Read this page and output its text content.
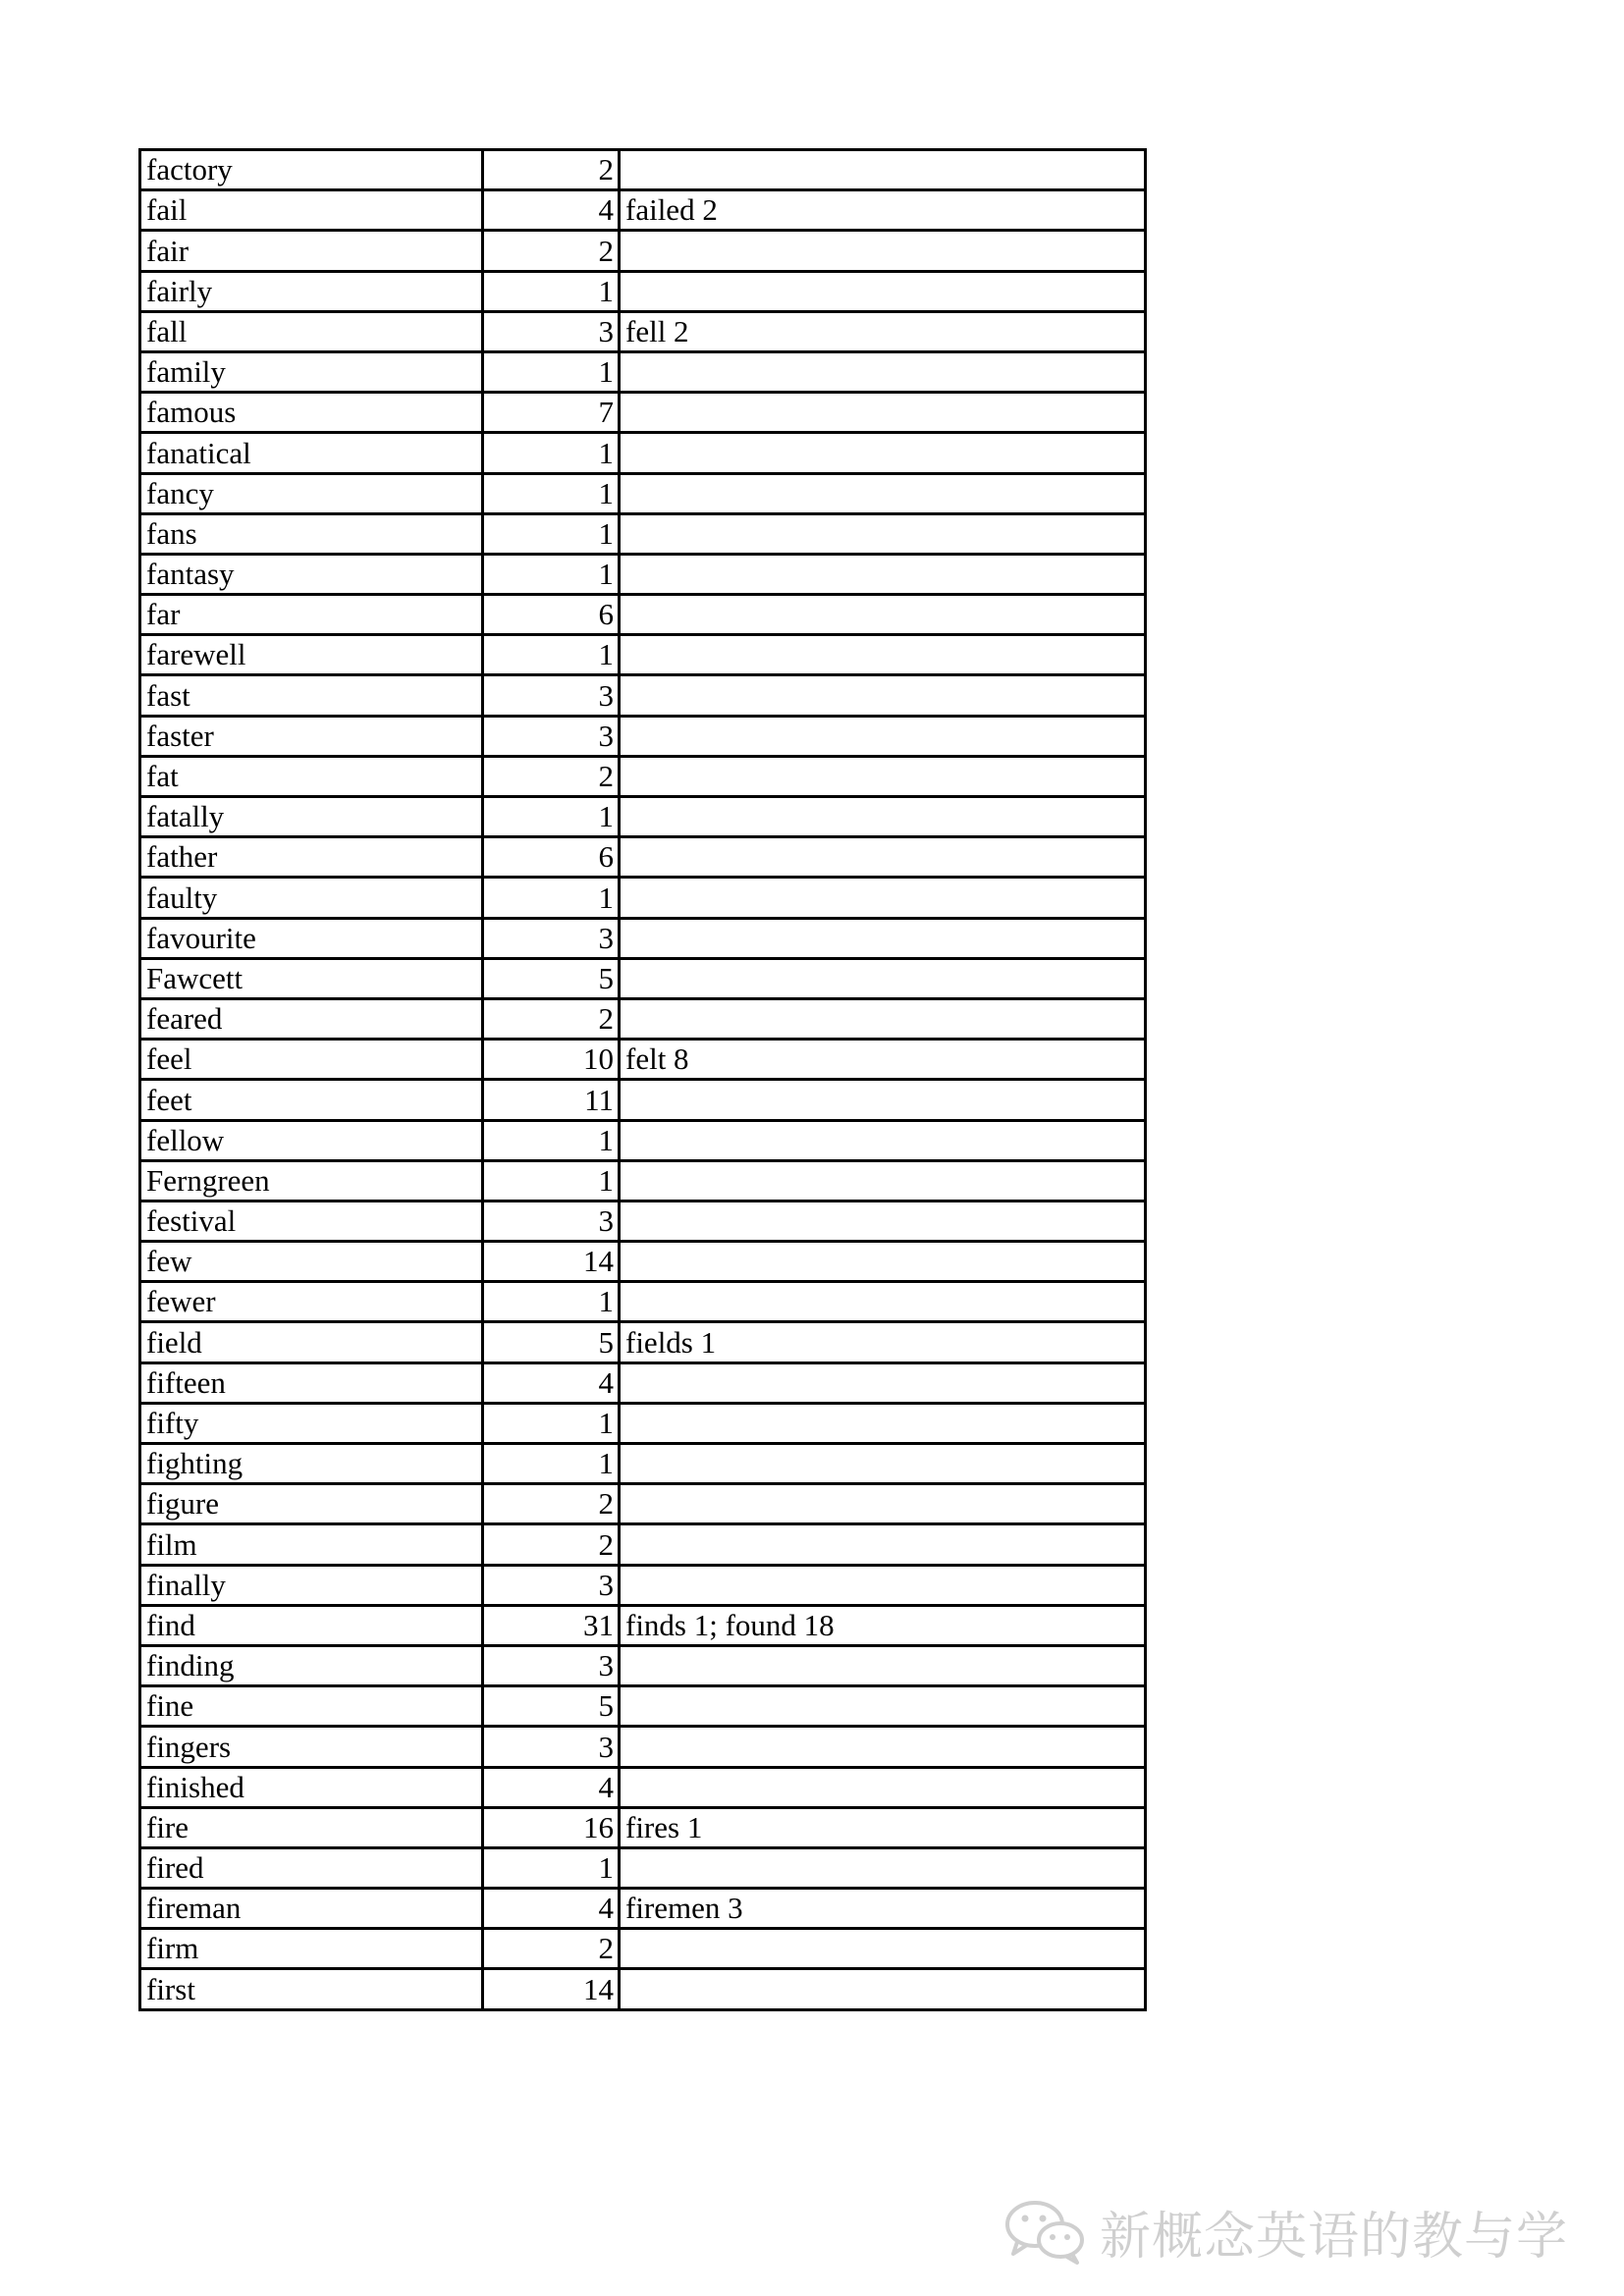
factory	2	
fail	4	failed 2
fair	2	
fairly	1	
fall	3	fell 2
family	1	
famous	7	
fanatical	1	
fancy	1	
fans	1	
fantasy	1	
far	6	
farewell	1	
fast	3	
faster	3	
fat	2	
fatally	1	
father	6	
faulty	1	
favourite	3	
Fawcett	5	
feared	2	
feel	10	felt 8
feet	11	
fellow	1	
Ferngreen	1	
festival	3	
few	14	
fewer	1	
field	5	fields 1
fifteen	4	
fifty	1	
fighting	1	
figure	2	
film	2	
finally	3	
find	31	finds 1; found 18
finding	3	
fine	5	
fingers	3	
finished	4	
fire	16	fires 1
fired	1	
fireman	4	firemen 3
firm	2	
first	14	
新概念英语的教与学
